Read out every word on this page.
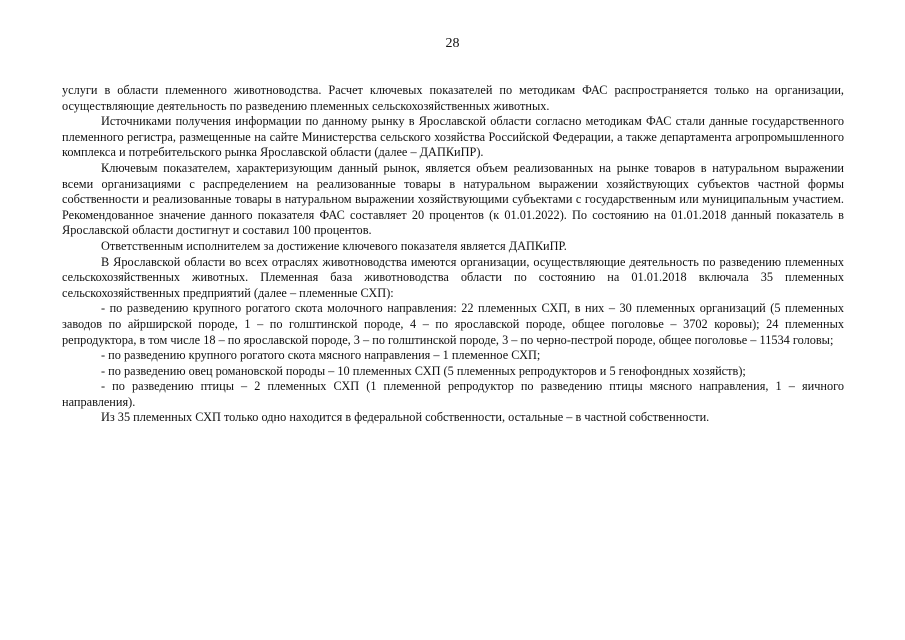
28

услуги в области племенного животноводства. Расчет ключевых показателей по методикам ФАС распространяется только на организации, осуществляющие деятельность по разведению племенных сельскохозяйственных животных.

Источниками получения информации по данному рынку в Ярославской области согласно методикам ФАС стали данные государственного племенного регистра, размещенные на сайте Министерства сельского хозяйства Российской Федерации, а также департамента агропромышленного комплекса и потребительского рынка Ярославской области (далее – ДАПКиПР).

Ключевым показателем, характеризующим данный рынок, является объем реализованных на рынке товаров в натуральном выражении всеми организациями с распределением на реализованные товары в натуральном выражении хозяйствующих субъектов частной формы собственности и реализованные товары в натуральном выражении хозяйствующими субъектами с государственным или муниципальным участием. Рекомендованное значение данного показателя ФАС составляет 20 процентов (к 01.01.2022). По состоянию на 01.01.2018 данный показатель в Ярославской области достигнут и составил 100 процентов.

Ответственным исполнителем за достижение ключевого показателя является ДАПКиПР.

В Ярославской области во всех отраслях животноводства имеются организации, осуществляющие деятельность по разведению племенных сельскохозяйственных животных. Племенная база животноводства области по состоянию на 01.01.2018 включала 35 племенных сельскохозяйственных предприятий (далее – племенные СХП):

- по разведению крупного рогатого скота молочного направления: 22 племенных СХП, в них – 30 племенных организаций (5 племенных заводов по айрширской породе, 1 – по голштинской породе, 4 – по ярославской породе, общее поголовье – 3702 коровы); 24 племенных репродуктора, в том числе 18 – по ярославской породе, 3 – по голштинской породе, 3 – по черно-пестрой породе, общее поголовье – 11534 головы;

- по разведению крупного рогатого скота мясного направления – 1 племенное СХП;

- по разведению овец романовской породы – 10 племенных СХП (5 племенных репродукторов и 5 генофондных хозяйств);

- по разведению птицы – 2 племенных СХП (1 племенной репродуктор по разведению птицы мясного направления, 1 – яичного направления).

Из 35 племенных СХП только одно находится в федеральной собственности, остальные – в частной собственности.
